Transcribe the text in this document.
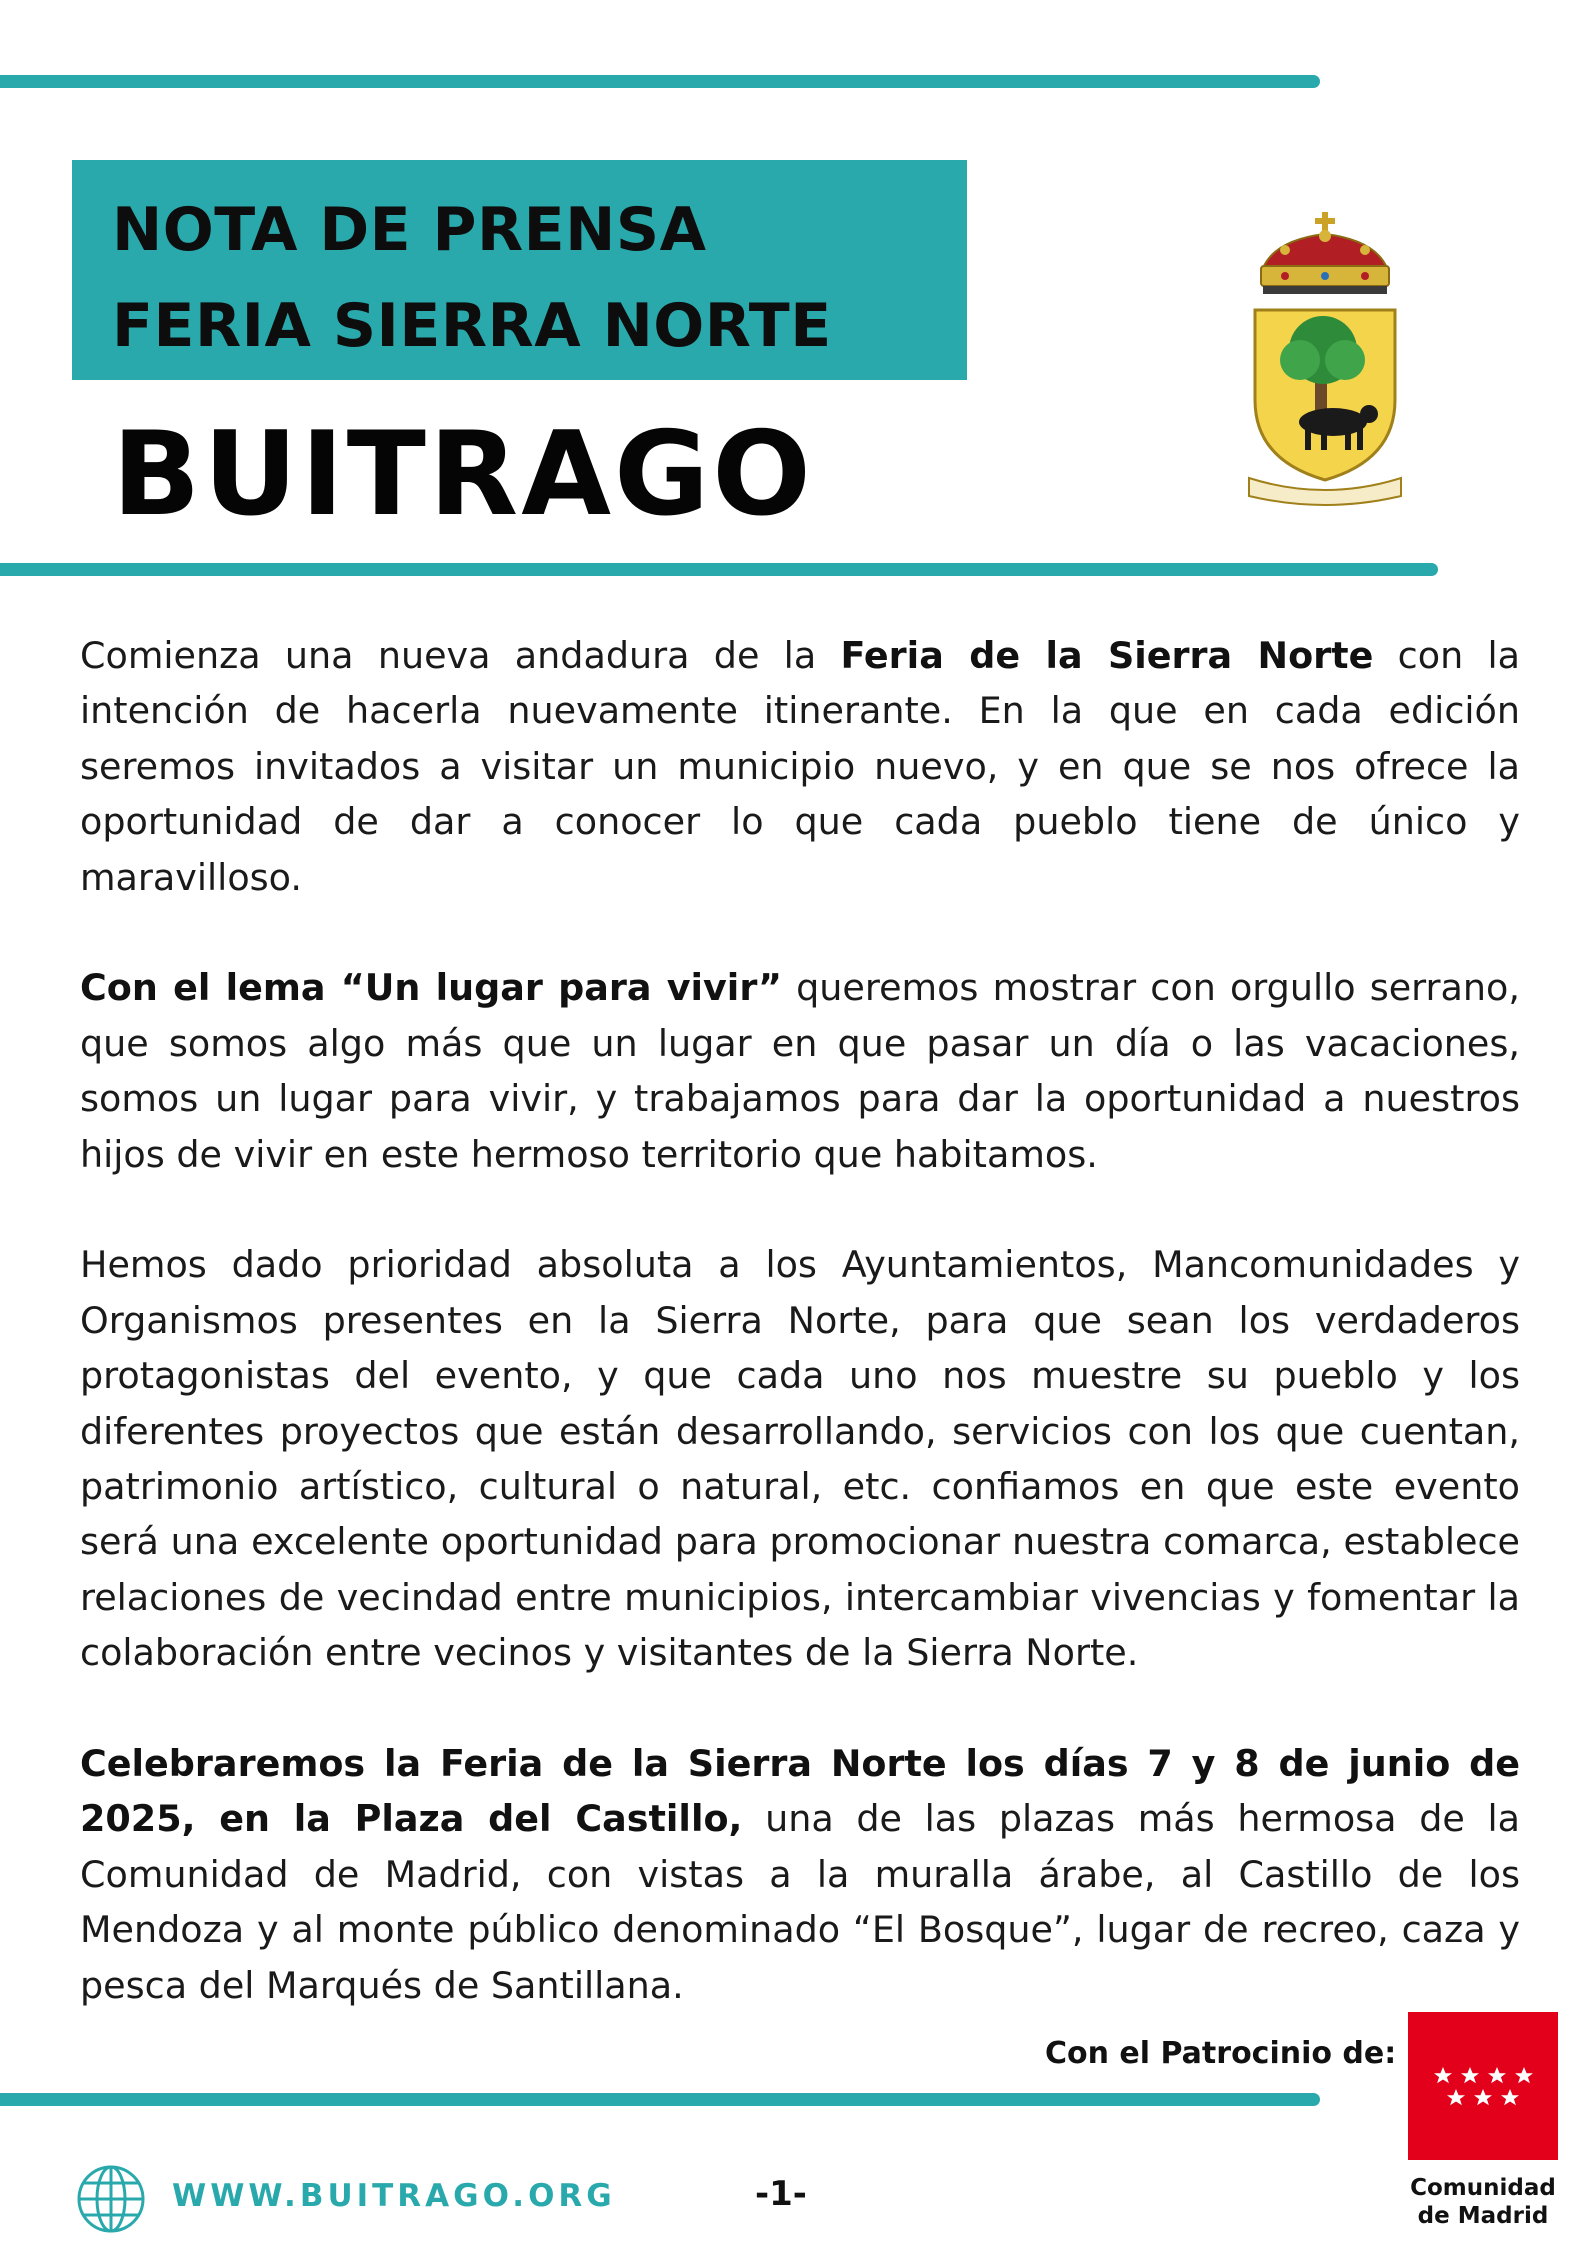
NOTA DE PRENSA
FERIA SIERRA NORTE
BUITRAGO

Comienza una nueva andadura de la Feria de la Sierra Norte con la intención de hacerla nuevamente itinerante. En la que en cada edición seremos invitados a visitar un municipio nuevo, y en que se nos ofrece la oportunidad de dar a conocer lo que cada pueblo tiene de único y maravilloso.

Con el lema “Un lugar para vivir” queremos mostrar con orgullo serrano, que somos algo más que un lugar en que pasar un día o las vacaciones, somos un lugar para vivir, y trabajamos para dar la oportunidad a nuestros hijos de vivir en este hermoso territorio que habitamos.

Hemos dado prioridad absoluta a los Ayuntamientos, Mancomunidades y Organismos presentes en la Sierra Norte, para que sean los verdaderos protagonistas del evento, y que cada uno nos muestre su pueblo y los diferentes proyectos que están desarrollando, servicios con los que cuentan, patrimonio artístico, cultural o natural, etc. confiamos en que este evento será una excelente oportunidad para promocionar nuestra comarca, establece relaciones de vecindad entre municipios, intercambiar vivencias y fomentar la colaboración entre vecinos y visitantes de la Sierra Norte.

Celebraremos la Feria de la Sierra Norte los días 7 y 8 de junio de 2025, en la Plaza del Castillo, una de las plazas más hermosa de la Comunidad de Madrid, con vistas a la muralla árabe, al Castillo de los Mendoza y al monte público denominado “El Bosque”, lugar de recreo, caza y pesca del Marqués de Santillana.

Con el Patrocinio de:
Comunidad
de Madrid
WWW.BUITRAGO.ORG	-1-
